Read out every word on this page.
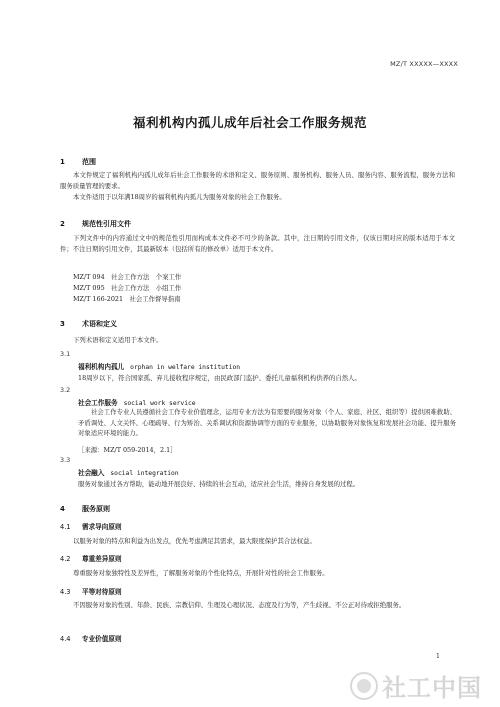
MZ/T XXXXX—XXXX
福利机构内孤儿成年后社会工作服务规范
1 范围
本文件规定了福利机构内孤儿成年后社会工作服务的术语和定义、服务原则、服务机构、服务人员、服务内容、服务流程、服务方法和服务质量管理的要求。
本文件适用于以年满18周岁的福利机构内孤儿为服务对象的社会工作服务。
2 规范性引用文件
下列文件中的内容通过文中的规范性引用而构成本文件必不可少的条款。其中，注日期的引用文件，仅该日期对应的版本适用于本文件；不注日期的引用文件，其最新版本（包括所有的修改单）适用于本文件。
MZ/T 094　社会工作方法　个案工作
MZ/T 095　社会工作方法　小组工作
MZ/T 166-2021　社会工作督导指南
3 术语和定义
下列术语和定义适用于本文件。
3.1
福利机构内孤儿 orphan in welfare institution
18周岁以下，符合国家孤、弃儿接收程序规定，由民政部门监护、委托儿童福利机构供养的自然人。
3.2
社会工作服务 social work service
社会工作专业人员遵循社会工作专业价值理念，运用专业方法为有需要的服务对象（个人、家庭、社区、组织等）提供困难救助、矛盾调处、人文关怀、心理疏导、行为矫治、关系调试和资源协调等方面的专业服务，以协助服务对象恢复和发展社会功能、提升服务对象适应环境的能力。
［来源：MZ/T 059-2014，2.1］
3.3
社会融入 social integration
服务对象通过各方帮助，能动地开展良好、持续的社会互动，适应社会生活，维持自身发展的过程。
4 服务原则
4.1 需求导向原则
以服务对象的特点和利益为出发点，优先考虑满足其需求，最大限度保护其合法权益。
4.2 尊重差异原则
尊重服务对象独特性及差异性，了解服务对象的个性化特点，开展针对性的社会工作服务。
4.3 平等对待原则
不因服务对象的性别、年龄、民族、宗教信仰、生理及心理状况、态度及行为等，产生歧视、不公正对待或拒绝服务。
4.4 专业价值原则
1
社工中国
